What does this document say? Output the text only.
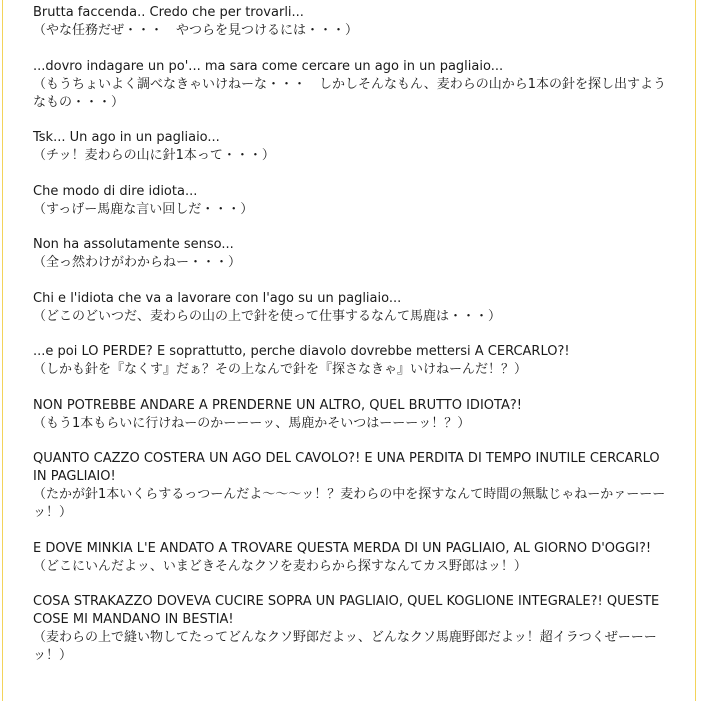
Brutta faccenda.. Credo che per trovarli...
（やな任務だぜ・・・　やつらを見つけるには・・・）
...dovro indagare un po'... ma sara come cercare un ago in un pagliaio...
（もうちょいよく調べなきゃいけねーな・・・　しかしそんなもん、麦わらの山から1本の針を探し出すようなもの・・・）
Tsk... Un ago in un pagliaio...
（チッ！麦わらの山に針1本って・・・）
Che modo di dire idiota...
（すっげー馬鹿な言い回しだ・・・）
Non ha assolutamente senso...
（全っ然わけがわからねー・・・）
Chi e l'idiota che va a lavorare con l'ago su un pagliaio...
（どこのどいつだ、麦わらの山の上で針を使って仕事するなんて馬鹿は・・・）
...e poi LO PERDE? E soprattutto, perche diavolo dovrebbe mettersi A CERCARLO?!
（しかも針を『なくす』だぁ？その上なんで針を『探さなきゃ』いけねーんだ！？）
NON POTREBBE ANDARE A PRENDERNE UN ALTRO, QUEL BRUTTO IDIOTA?!
（もう1本もらいに行けねーのかーーーッ、馬鹿かそいつはーーーッ！？）
QUANTO CAZZO COSTERA UN AGO DEL CAVOLO?! E UNA PERDITA DI TEMPO INUTILE CERCARLO IN PAGLIAIO!
（たかが針1本いくらするっつーんだよ～～～ッ！？麦わらの中を探すなんて時間の無駄じゃねーかァーーーッ！）
E DOVE MINKIA L'E ANDATO A TROVARE QUESTA MERDA DI UN PAGLIAIO, AL GIORNO D'OGGI?!
（どこにいんだよッ、いまどきそんなクソを麦わらから探すなんてカス野郎はッ！）
COSA STRAKAZZO DOVEVA CUCIRE SOPRA UN PAGLIAIO, QUEL KOGLIONE INTEGRALE?! QUESTE COSE MI MANDANO IN BESTIA!
（麦わらの上で縫い物してたってどんなクソ野郎だよッ、どんなクソ馬鹿野郎だよッ！超イラつくぜーーーッ！）
